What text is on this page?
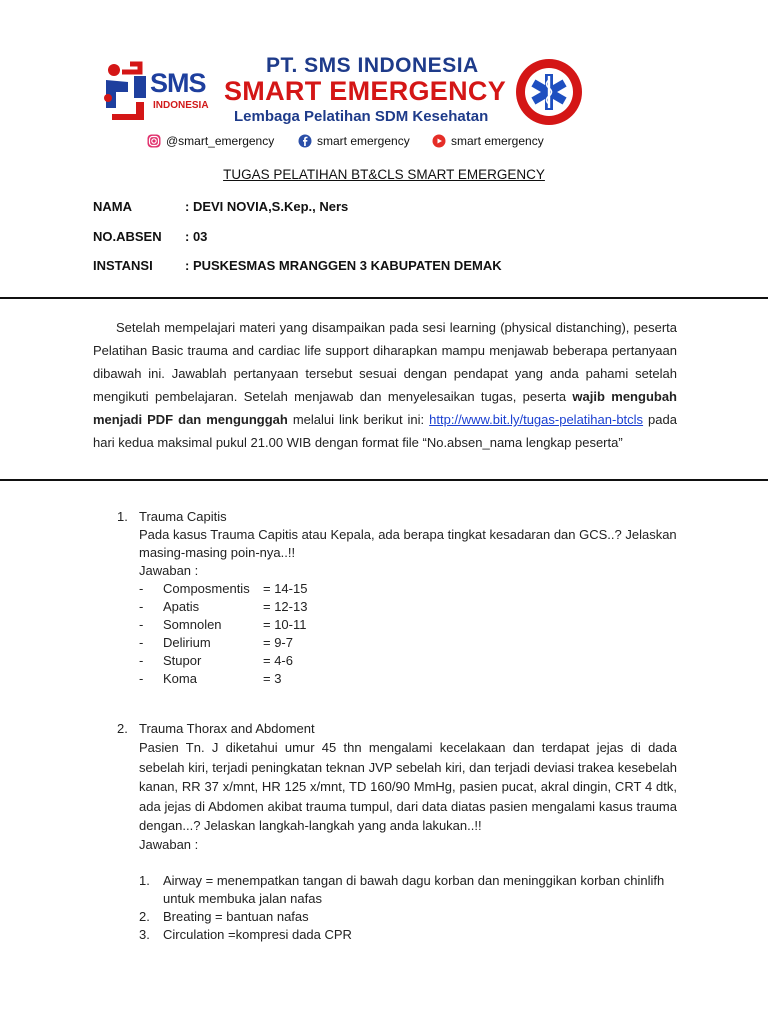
SMS
INDONESIA
PT. SMS INDONESIA
SMART EMERGENCY
Lembaga Pelatihan SDM Kesehatan
@smart_emergency	smart emergency	smart emergency
TUGAS PELATIHAN BT&CLS SMART EMERGENCY
NAMA	: DEVI NOVIA,S.Kep., Ners
NO.ABSEN : 03
INSTANSI : PUSKESMAS MRANGGEN 3 KABUPATEN DEMAK
Setelah mempelajari materi yang disampaikan pada sesi learning (physical distanching), peserta Pelatihan Basic trauma and cardiac life support diharapkan mampu menjawab beberapa pertanyaan dibawah ini. Jawablah pertanyaan tersebut sesuai dengan pendapat yang anda pahami setelah mengikuti pembelajaran. Setelah menjawab dan menyelesaikan tugas, peserta wajib mengubah menjadi PDF dan mengunggah melalui link berikut ini: http://www.bit.ly/tugas-pelatihan-btcls pada hari kedua maksimal pukul 21.00 WIB dengan format file “No.absen_nama lengkap peserta”
1. Trauma Capitis
Pada kasus Trauma Capitis atau Kepala, ada berapa tingkat kesadaran dan GCS..? Jelaskan masing-masing poin-nya..!!
Jawaban :
-	Composmentis	= 14-15
-	Apatis	= 12-13
-	Somnolen	= 10-11
-	Delirium	= 9-7
-	Stupor	= 4-6
-	Koma	= 3
2. Trauma Thorax and Abdoment
Pasien Tn. J diketahui umur 45 thn mengalami kecelakaan dan terdapat jejas di dada sebelah kiri, terjadi peningkatan teknan JVP sebelah kiri, dan terjadi deviasi trakea kesebelah kanan, RR 37 x/mnt, HR 125 x/mnt, TD 160/90 MmHg, pasien pucat, akral dingin, CRT 4 dtk, ada jejas di Abdomen akibat trauma tumpul, dari data diatas pasien mengalami kasus trauma dengan...? Jelaskan langkah-langkah yang anda lakukan..!!
Jawaban :
1.	Airway = menempatkan tangan di bawah dagu korban dan meninggikan korban chinlifh untuk membuka jalan nafas
2.	Breating = bantuan nafas
3.	Circulation =kompresi dada CPR
